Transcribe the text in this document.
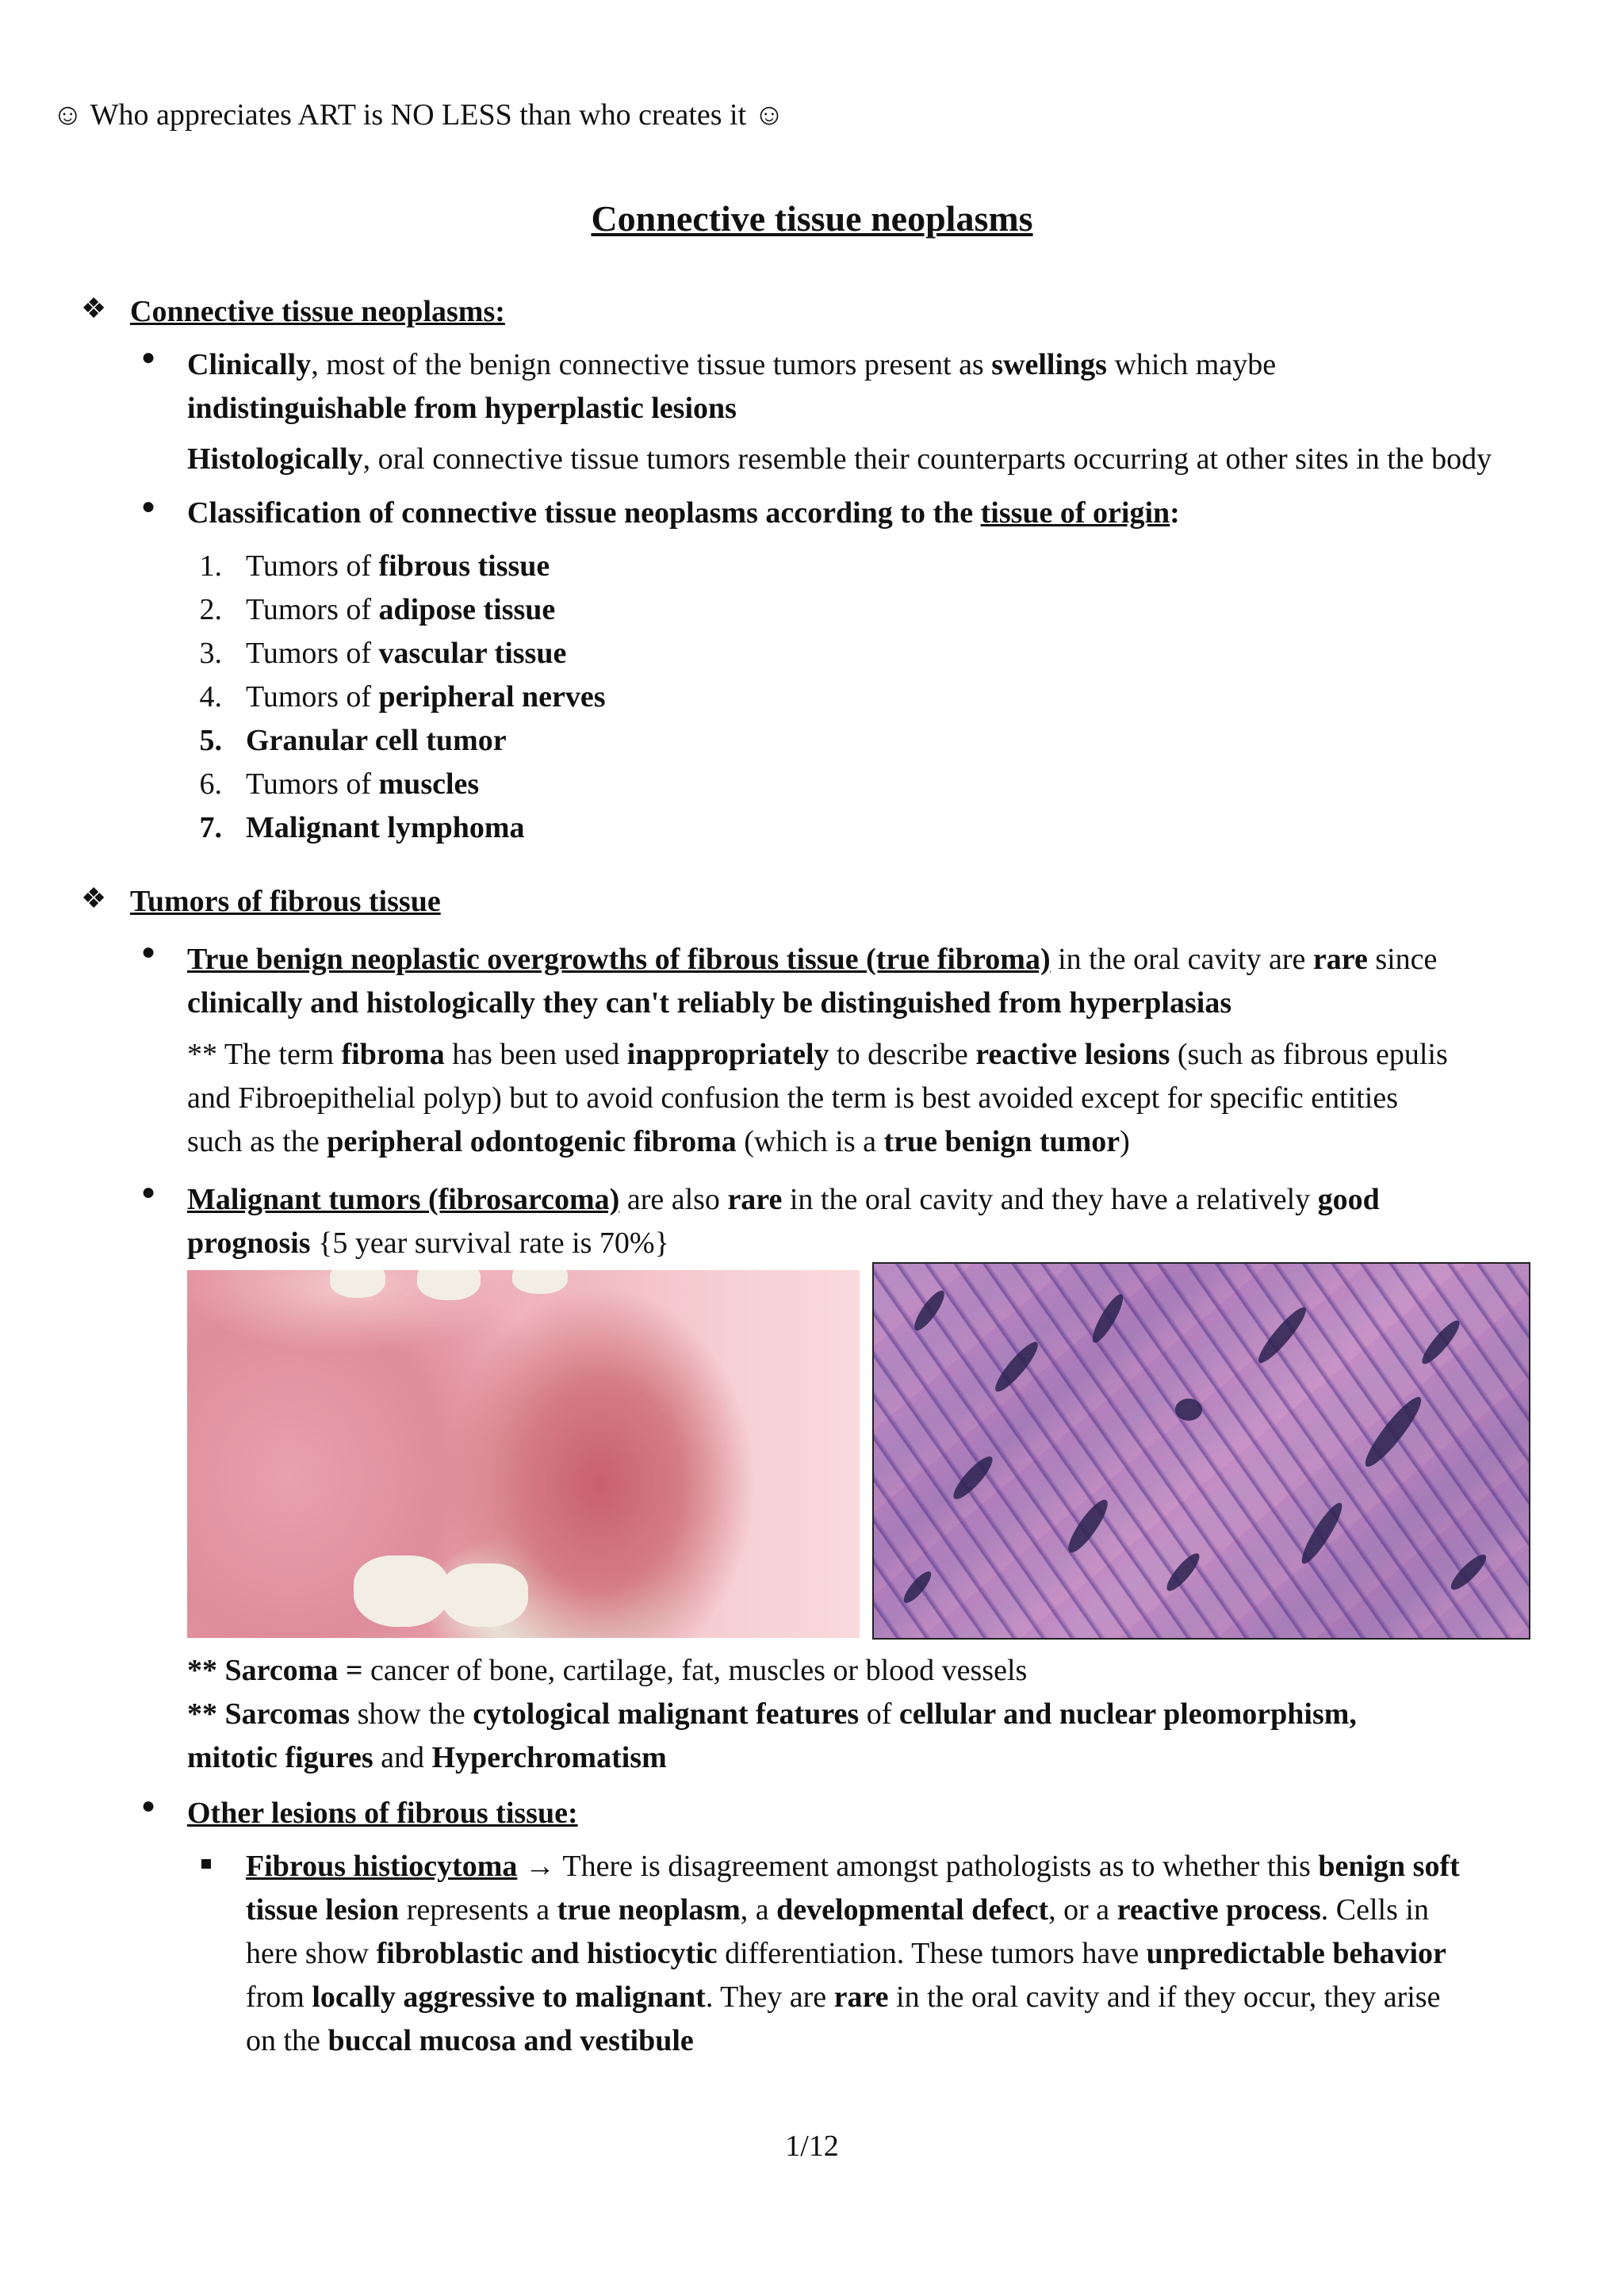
☺ Who appreciates ART is NO LESS than who creates it ☺

Connective tissue neoplasms

❖ Connective tissue neoplasms:

● Clinically, most of the benign connective tissue tumors present as swellings which maybe

indistinguishable from hyperplastic lesions

Histologically, oral connective tissue tumors resemble their counterparts occurring at other sites in the body

● Classification of connective tissue neoplasms according to the tissue of origin:

1. Tumors of fibrous tissue

2. Tumors of adipose tissue

3. Tumors of vascular tissue

4. Tumors of peripheral nerves

5. Granular cell tumor

6. Tumors of muscles

7. Malignant lymphoma

❖ Tumors of fibrous tissue

● True benign neoplastic overgrowths of fibrous tissue (true fibroma) in the oral cavity are rare since

clinically and histologically they can't reliably be distinguished from hyperplasias

** The term fibroma has been used inappropriately to describe reactive lesions (such as fibrous epulis

and Fibroepithelial polyp) but to avoid confusion the term is best avoided except for specific entities

such as the peripheral odontogenic fibroma (which is a true benign tumor)

● Malignant tumors (fibrosarcoma) are also rare in the oral cavity and they have a relatively good

prognosis {5 year survival rate is 70%}

** Sarcoma = cancer of bone, cartilage, fat, muscles or blood vessels

** Sarcomas show the cytological malignant features of cellular and nuclear pleomorphism,

mitotic figures and Hyperchromatism

● Other lesions of fibrous tissue:

Fibrous histiocytoma → There is disagreement amongst pathologists as to whether this benign soft

tissue lesion represents a true neoplasm, a developmental defect, or a reactive process. Cells in

here show fibroblastic and histiocytic differentiation. These tumors have unpredictable behavior

from locally aggressive to malignant. They are rare in the oral cavity and if they occur, they arise

on the buccal mucosa and vestibule

1/12
